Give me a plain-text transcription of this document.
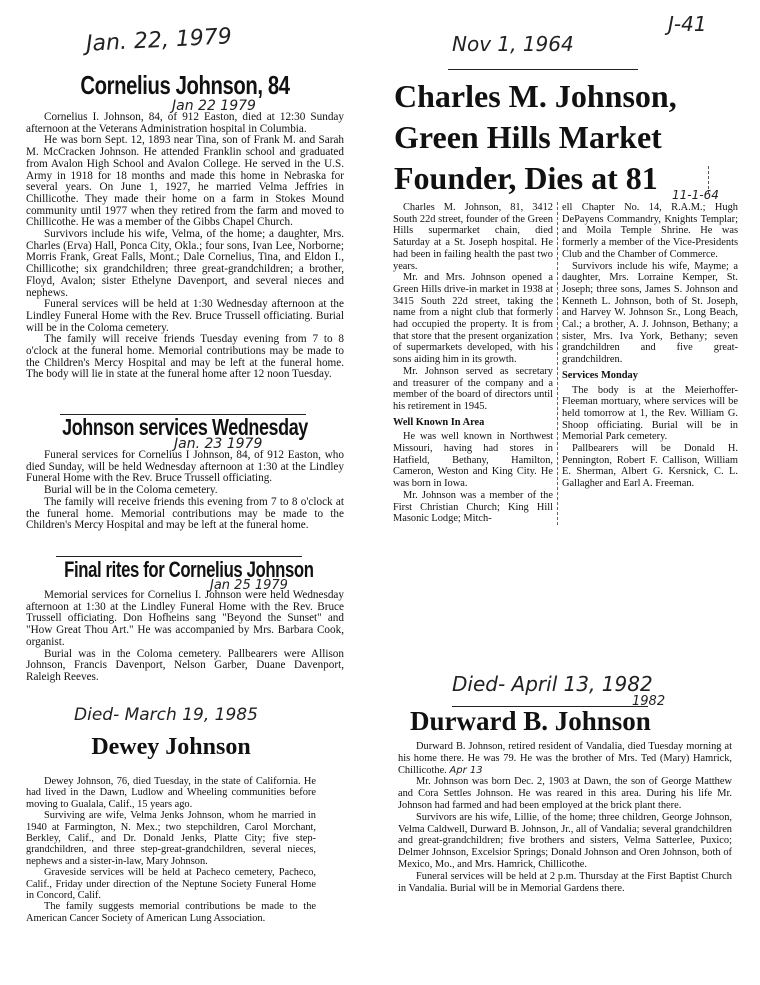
J-41
Jan. 22, 1979
Cornelius Johnson, 84
Jan 22 1979

Cornelius I. Johnson, 84, of 912 Easton, died at 12:30 Sunday afternoon at the Veterans Administration hospital in Columbia.

He was born Sept. 12, 1893 near Tina, son of Frank M. and Sarah M. McCracken Johnson. He attended Franklin school and graduated from Avalon High School and Avalon College. He served in the U.S. Army in 1918 for 18 months and made this home in Nebraska for several years. On June 1, 1927, he married Velma Jeffries in Chillicothe. They made their home on a farm in Stokes Mound community until 1977 when they retired from the farm and moved to Chillicothe. He was a member of the Gibbs Chapel Church.

Survivors include his wife, Velma, of the home; a daughter, Mrs. Charles (Erva) Hall, Ponca City, Okla.; four sons, Ivan Lee, Norborne; Morris Frank, Great Falls, Mont.; Dale Cornelius, Tina, and Eldon I., Chillicothe; six grandchildren; three great-grandchildren; a brother, Floyd, Avalon; sister Ethelyne Davenport, and several nieces and nephews.

Funeral services will be held at 1:30 Wednesday afternoon at the Lindley Funeral Home with the Rev. Bruce Trussell officiating. Burial will be in the Coloma cemetery.

The family will receive friends Tuesday evening from 7 to 8 o'clock at the funeral home. Memorial contributions may be made to the Children's Mercy Hospital and may be left at the funeral home. The body will lie in state at the funeral home after 12 noon Tuesday.

Johnson services Wednesday
Jan. 23 1979

Funeral services for Cornelius I Johnson, 84, of 912 Easton, who died Sunday, will be held Wednesday afternoon at 1:30 at the Lindley Funeral Home with the Rev. Bruce Trussell officiating.

Burial will be in the Coloma cemetery.

The family will receive friends this evening from 7 to 8 o'clock at the funeral home. Memorial contributions may be made to the Children's Mercy Hospital and may be left at the funeral home.

Final rites for Cornelius Johnson
Jan 25 1979

Memorial services for Cornelius I. Johnson were held Wednesday afternoon at 1:30 at the Lindley Funeral Home with the Rev. Bruce Trussell officiating. Don Hofheins sang "Beyond the Sunset" and "How Great Thou Art." He was accompanied by Mrs. Barbara Cook, organist.

Burial was in the Coloma cemetery. Pallbearers were Allison Johnson, Francis Davenport, Nelson Garber, Duane Davenport, Raleigh Reeves.

Died- March 19, 1985
Dewey Johnson

Dewey Johnson, 76, died Tuesday, in the state of California. He had lived in the Dawn, Ludlow and Wheeling communities before moving to Gualala, Calif., 15 years ago.

Surviving are wife, Velma Jenks Johnson, whom he married in 1940 at Farmington, N. Mex.; two stepchildren, Carol Morchant, Berkley, Calif., and Dr. Donald Jenks, Platte City; five step-grandchildren, and three step-great-grandchildren, several nieces, nephews and a sister-in-law, Mary Johnson.

Graveside services will be held at Pacheco cemetery, Pacheco, Calif., Friday under direction of the Neptune Society Funeral Home in Concord, Calif.

The family suggests memorial contributions be made to the American Cancer Society of American Lung Association.

Nov 1, 1964
Charles M. Johnson,
Green Hills Market
Founder, Dies at 81	11-1-64

Charles M. Johnson, 81, 3412 South 22d street, founder of the Green Hills supermarket chain, died Saturday at a St. Joseph hospital. He had been in failing health the past two years.

Mr. and Mrs. Johnson opened a Green Hills drive-in market in 1938 at 3415 South 22d street, taking the name from a night club that formerly had occupied the property. It is from that store that the present organization of supermarkets developed, with his sons aiding him in its growth.

Mr. Johnson served as secretary and treasurer of the company and a member of the board of directors until his retirement in 1945.

Well Known In Area

He was well known in Northwest Missouri, having had stores in Hatfield, Bethany, Hamilton, Cameron, Weston and King City. He was born in Iowa.

Mr. Johnson was a member of the First Christian Church; King Hill Masonic Lodge; Mitch-

ell Chapter No. 14, R.A.M.; Hugh DePayens Commandry, Knights Templar; and Moila Temple Shrine. He was formerly a member of the Vice-Presidents Club and the Chamber of Commerce.

Survivors include his wife, Mayme; a daughter, Mrs. Lorraine Kemper, St. Joseph; three sons, James S. Johnson and Kenneth L. Johnson, both of St. Joseph, and Harvey W. Johnson Sr., Long Beach, Cal.; a brother, A. J. Johnson, Bethany; a sister, Mrs. Iva York, Bethany; seven grandchildren and five great-grandchildren.

Services Monday

The body is at the Meierhoffer-Fleeman mortuary, where services will be held tomorrow at 1, the Rev. William G. Shoop officiating. Burial will be in Memorial Park cemetery.

Pallbearers will be Donald H. Pennington, Robert F. Callison, William E. Sherman, Albert G. Kersnick, C. L. Gallagher and Earl A. Freeman.

Died- April 13, 1982
1982
Durward B. Johnson

Durward B. Johnson, retired resident of Vandalia, died Tuesday morning at his home there. He was 79. He was the brother of Mrs. Ted (Mary) Hamrick, Chillicothe. Apr 13

Mr. Johnson was born Dec. 2, 1903 at Dawn, the son of George Matthew and Cora Settles Johnson. He was reared in this area. During his life Mr. Johnson had farmed and had been employed at the brick plant there.

Survivors are his wife, Lillie, of the home; three children, George Johnson, Velma Caldwell, Durward B. Johnson, Jr., all of Vandalia; several grandchildren and great-grandchildren; five brothers and sisters, Velma Satterlee, Puxico; Delmer Johnson, Excelsior Springs; Donald Johnson and Oren Johnson, both of Mexico, Mo., and Mrs. Hamrick, Chillicothe.

Funeral services will be held at 2 p.m. Thursday at the First Baptist Church in Vandalia. Burial will be in Memorial Gardens there.
